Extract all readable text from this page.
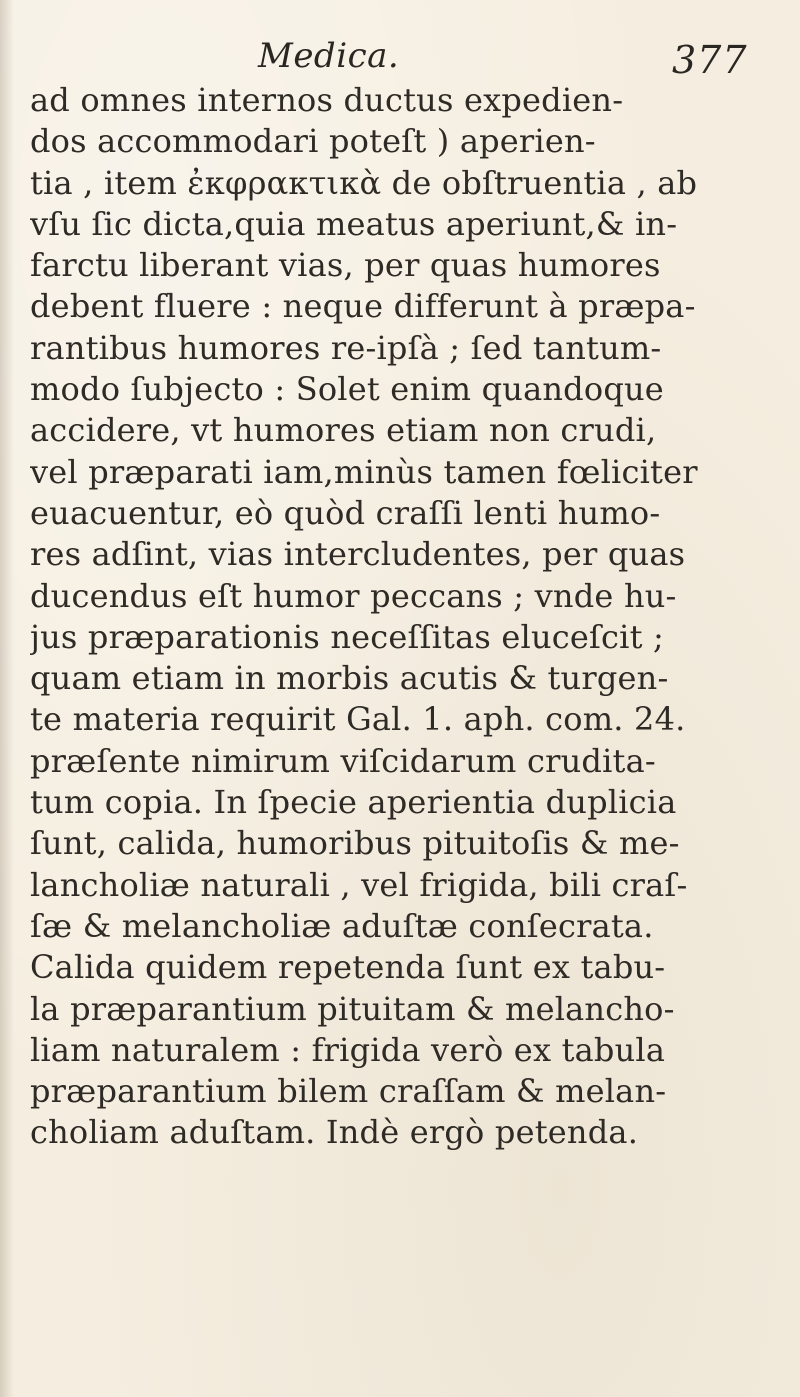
Medica.	377
ad omnes internos ductus expedien-
dos accommodari poteſt ) aperien-
tia , item ἐκφρακτικὰ de obſtruentia , ab
vſu ſic dicta,quia meatus aperiunt,& in-
farctu liberant vias, per quas humores
debent fluere : neque differunt à præpa-
rantibus humores re-ipſà ; ſed tantum-
modo ſubjecto : Solet enim quandoque
accidere, vt humores etiam non crudi,
vel præparati iam,minùs tamen fœliciter
euacuentur, eò quòd craſſi lenti humo-
res adſint, vias intercludentes, per quas
ducendus eſt humor peccans ; vnde hu-
jus præparationis neceſſitas eluceſcit ;
quam etiam in morbis acutis & turgen-
te materia requirit Gal. 1. aph. com. 24.
præſente nimirum viſcidarum crudita-
tum copia. In ſpecie aperientia duplicia
ſunt, calida, humoribus pituitoſis & me-
lancholiæ naturali , vel frigida, bili craſ-
ſæ & melancholiæ aduſtæ conſecrata.
Calida quidem repetenda ſunt ex tabu-
la præparantium pituitam & melancho-
liam naturalem : frigida verò ex tabula
præparantium bilem craſſam & melan-
choliam aduſtam. Indè ergò petenda.
